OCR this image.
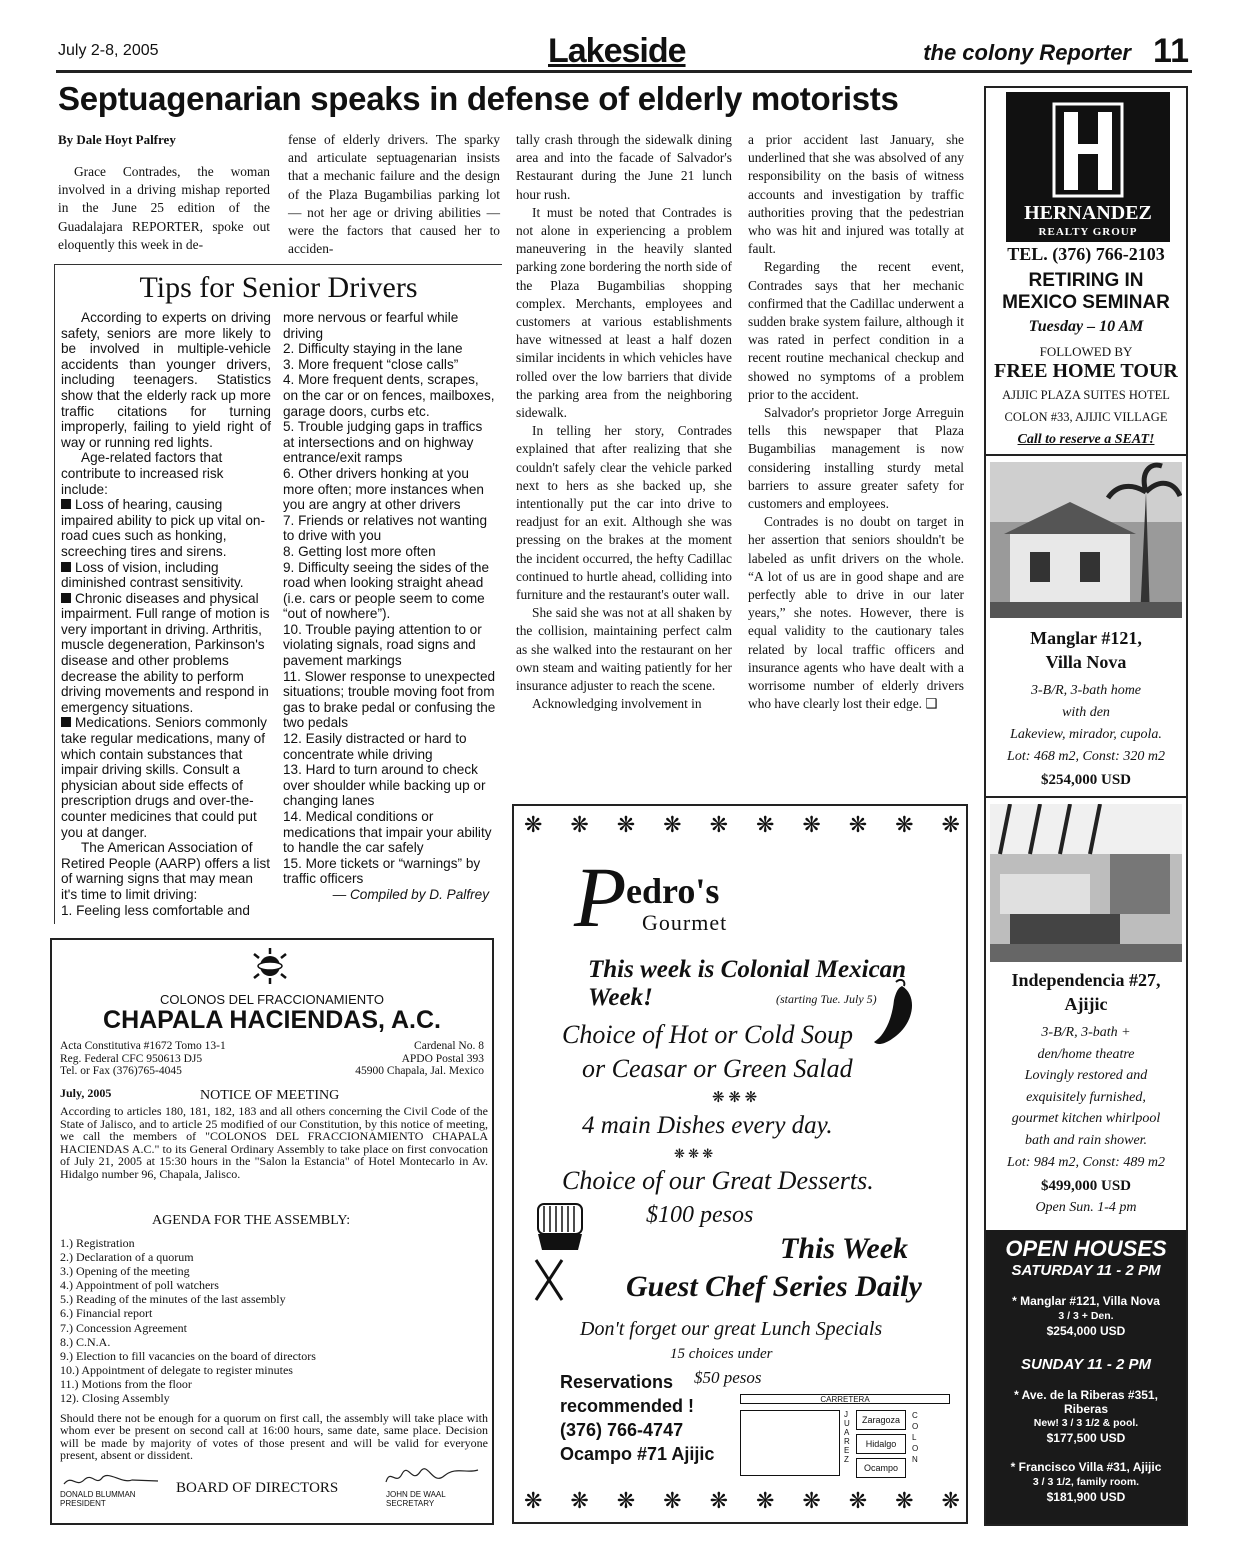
July 2-8, 2005	Lakeside	the colony Reporter 11
Septuagenarian speaks in defense of elderly motorists
By Dale Hoyt Palfrey

Grace Contrades, the woman involved in a driving mishap reported in the June 25 edition of the Guadalajara REPORTER, spoke out eloquently this week in de-

fense of elderly drivers. The sparky and articulate septuagenarian insists that a mechanic failure and the design of the Plaza Bugambilias parking lot — not her age or driving abilities — were the factors that caused her to acciden-

tally crash through the sidewalk dining area and into the facade of Salvador's Restaurant during the June 21 lunch hour rush.

It must be noted that Contrades is not alone in experiencing a problem maneuvering in the heavily slanted parking zone bordering the north side of the Plaza Bugambilias shopping complex. Merchants, employees and customers at various establishments have witnessed at least a half dozen similar incidents in which vehicles have rolled over the low barriers that divide the parking area from the neighboring sidewalk.

In telling her story, Contrades explained that after realizing that she couldn't safely clear the vehicle parked next to hers as she backed up, she intentionally put the car into drive to readjust for an exit. Although she was pressing on the brakes at the moment the incident occurred, the hefty Cadillac continued to hurtle ahead, colliding into furniture and the restaurant's outer wall.

She said she was not at all shaken by the collision, maintaining perfect calm as she walked into the restaurant on her own steam and waiting patiently for her insurance adjuster to reach the scene.

Acknowledging involvement in

a prior accident last January, she underlined that she was absolved of any responsibility on the basis of witness accounts and investigation by traffic authorities proving that the pedestrian who was hit and injured was totally at fault.

Regarding the recent event, Contrades says that her mechanic confirmed that the Cadillac underwent a sudden brake system failure, although it was rated in perfect condition in a recent routine mechanical checkup and showed no symptoms of a problem prior to the accident.

Salvador's proprietor Jorge Arreguin tells this newspaper that Plaza Bugambilias management is now considering installing sturdy metal barriers to assure greater safety for customers and employees.

Contrades is no doubt on target in her assertion that seniors shouldn't be labeled as unfit drivers on the whole. “A lot of us are in good shape and are perfectly able to drive in our later years,” she notes. However, there is equal validity to the cautionary tales related by local traffic officers and insurance agents who have dealt with a worrisome number of elderly drivers who have clearly lost their edge. ❑

Tips for Senior Drivers
According to experts on driving safety, seniors are more likely to be involved in multiple-vehicle accidents than younger drivers, including teenagers. Statistics show that the elderly rack up more traffic citations for turning improperly, failing to yield right of way or running red lights.
Age-related factors that contribute to increased risk include:
Loss of hearing, causing impaired ability to pick up vital on-road cues such as honking, screeching tires and sirens.
Loss of vision, including diminished contrast sensitivity.
Chronic diseases and physical impairment. Full range of motion is very important in driving. Arthritis, muscle degeneration, Parkinson's disease and other problems decrease the ability to perform driving movements and respond in emergency situations.
Medications. Seniors commonly take regular medications, many of which contain substances that impair driving skills. Consult a physician about side effects of prescription drugs and over-the-counter medicines that could put you at danger.
The American Association of Retired People (AARP) offers a list of warning signs that may mean it's time to limit driving:
1. Feeling less comfortable and
more nervous or fearful while driving
2. Difficulty staying in the lane
3. More frequent “close calls”
4. More frequent dents, scrapes, on the car or on fences, mailboxes, garage doors, curbs etc.
5. Trouble judging gaps in traffics at intersections and on highway entrance/exit ramps
6. Other drivers honking at you more often; more instances when you are angry at other drivers
7. Friends or relatives not wanting to drive with you
8. Getting lost more often
9. Difficulty seeing the sides of the road when looking straight ahead (i.e. cars or people seem to come “out of nowhere”).
10. Trouble paying attention to or violating signals, road signs and pavement markings
11. Slower response to unexpected situations; trouble moving foot from gas to brake pedal or confusing the two pedals
12. Easily distracted or hard to concentrate while driving
13. Hard to turn around to check over shoulder while backing up or changing lanes
14. Medical conditions or medications that impair your ability to handle the car safely
15. More tickets or “warnings” by traffic officers
— Compiled by D. Palfrey
COLONOS DEL FRACCIONAMIENTO
CHAPALA HACIENDAS, A.C.
Acta Constitutiva #1672 Tomo 13-1
Reg. Federal CFC 950613 DJ5
Tel. or Fax (376)765-4045
Cardenal No. 8
APDO Postal 393
45900 Chapala, Jal. Mexico
July, 2005	NOTICE OF MEETING
According to articles 180, 181, 182, 183 and all others concerning the Civil Code of the State of Jalisco, and to article 25 modified of our Constitution, by this notice of meeting, we call the members of "COLONOS DEL FRACCIONAMIENTO CHAPALA HACIENDAS A.C." to its General Ordinary Assembly to take place on first convocation of July 21, 2005 at 15:30 hours in the "Salon la Estancia" of Hotel Montecarlo in Av. Hidalgo number 96, Chapala, Jalisco.
AGENDA FOR THE ASSEMBLY:
1.) Registration
2.) Declaration of a quorum
3.) Opening of the meeting
4.) Appointment of poll watchers
5.) Reading of the minutes of the last assembly
6.) Financial report
7.) Concession Agreement
8.) C.N.A.
9.) Election to fill vacancies on the board of directors
10.) Appointment of delegate to register minutes
11.) Motions from the floor
12). Closing Assembly
Should there not be enough for a quorum on first call, the assembly will take place with whom ever be present on second call at 16:00 hours, same date, same place. Decision will be made by majority of votes of those present and will be valid for everyone present, absent or dissident.
DONALD BLUMMAN
PRESIDENT
BOARD OF DIRECTORS	JOHN DE WAAL
SECRETARY
❋ ❋ ❋ ❋ ❋ ❋ ❋ ❋ ❋ ❋
❋ ❋ ❋ ❋ ❋ ❋ ❋ ❋ ❋ ❋
P edro's
Gourmet
This week is Colonial Mexican Week!	(starting Tue. July 5)
Choice of Hot or Cold Soup
or Ceasar or Green Salad
❋ ❋ ❋
4 main Dishes every day.
❋ ❋ ❋
Choice of our Great Desserts.
$100 pesos
This Week
Guest Chef Series Daily
Don't forget our great Lunch Specials
15 choices under
$50 pesos
Reservations
recommended !
(376) 766-4747
Ocampo #71 Ajijic
CARRETERA
JUAREZ
Zaragoza
Hidalgo
Ocampo
COLON
HERNANDEZ
REALTY GROUP
TEL. (376) 766-2103
RETIRING IN
MEXICO SEMINAR
Tuesday – 10 AM
FOLLOWED BY
FREE HOME TOUR
AJIJIC PLAZA SUITES HOTEL
COLON #33, AJIJIC VILLAGE
Call to reserve a SEAT!
Manglar #121,
Villa Nova
3-B/R, 3-bath home
with den
Lakeview, mirador, cupola.
Lot: 468 m2, Const: 320 m2
$254,000 USD
Independencia #27,
Ajijic
3-B/R, 3-bath +
den/home theatre
Lovingly restored and
exquisitely furnished,
gourmet kitchen whirlpool
bath and rain shower.
Lot: 984 m2, Const: 489 m2
$499,000 USD
Open Sun. 1-4 pm
OPEN HOUSES
SATURDAY 11 - 2 PM
* Manglar #121, Villa Nova
3 / 3 + Den.
$254,000 USD
SUNDAY 11 - 2 PM
* Ave. de la Riberas #351,
Riberas
New! 3 / 3 1/2 & pool.
$177,500 USD
* Francisco Villa #31, Ajijic
3 / 3 1/2, family room.
$181,900 USD
